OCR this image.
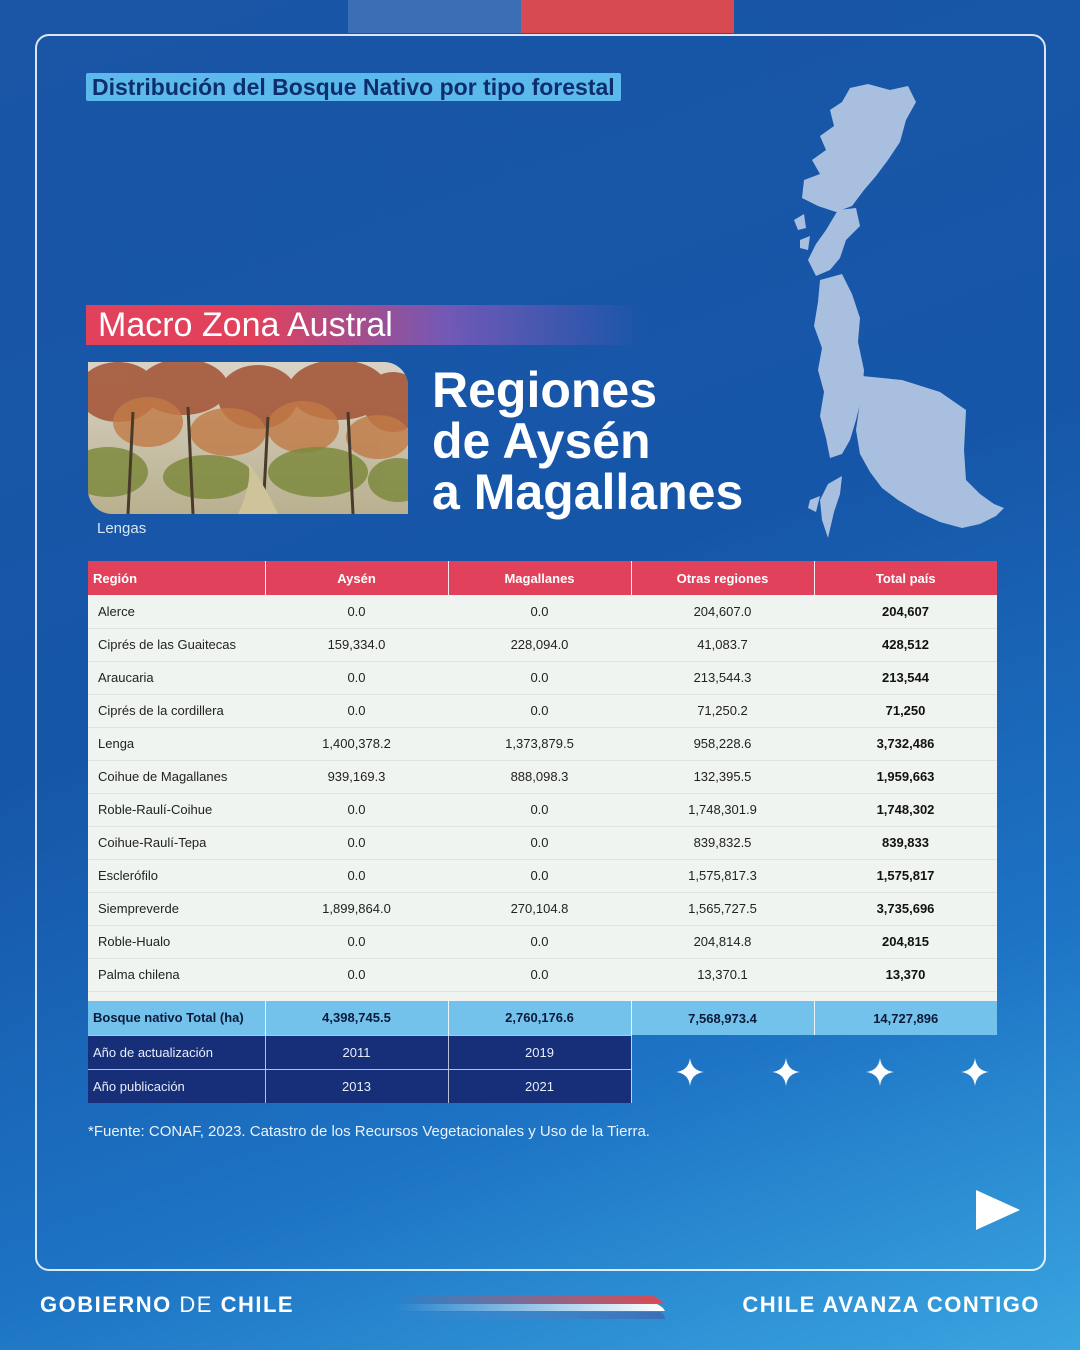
Distribución del Bosque Nativo por tipo forestal
Macro Zona Austral
Lengas
Regiones
de Aysén
a Magallanes
Región	Aysén	Magallanes	Otras regiones	Total país
Alerce	0.0	0.0	204,607.0	204,607
Ciprés de las Guaitecas	159,334.0	228,094.0	41,083.7	428,512
Araucaria	0.0	0.0	213,544.3	213,544
Ciprés de la cordillera	0.0	0.0	71,250.2	71,250
Lenga	1,400,378.2	1,373,879.5	958,228.6	3,732,486
Coihue de Magallanes	939,169.3	888,098.3	132,395.5	1,959,663
Roble-Raulí-Coihue	0.0	0.0	1,748,301.9	1,748,302
Coihue-Raulí-Tepa	0.0	0.0	839,832.5	839,833
Esclerófilo	0.0	0.0	1,575,817.3	1,575,817
Siempreverde	1,899,864.0	270,104.8	1,565,727.5	3,735,696
Roble-Hualo	0.0	0.0	204,814.8	204,815
Palma chilena	0.0	0.0	13,370.1	13,370

Bosque nativo Total (ha)	4,398,745.5	2,760,176.6	7,568,973.4	14,727,896
Año de actualización	2011	2019		
Año publicación	2013	2021		
*Fuente: CONAF, 2023. Catastro de los Recursos Vegetacionales y Uso de la Tierra.
GOBIERNO DE CHILE	CHILE AVANZA CONTIGO
